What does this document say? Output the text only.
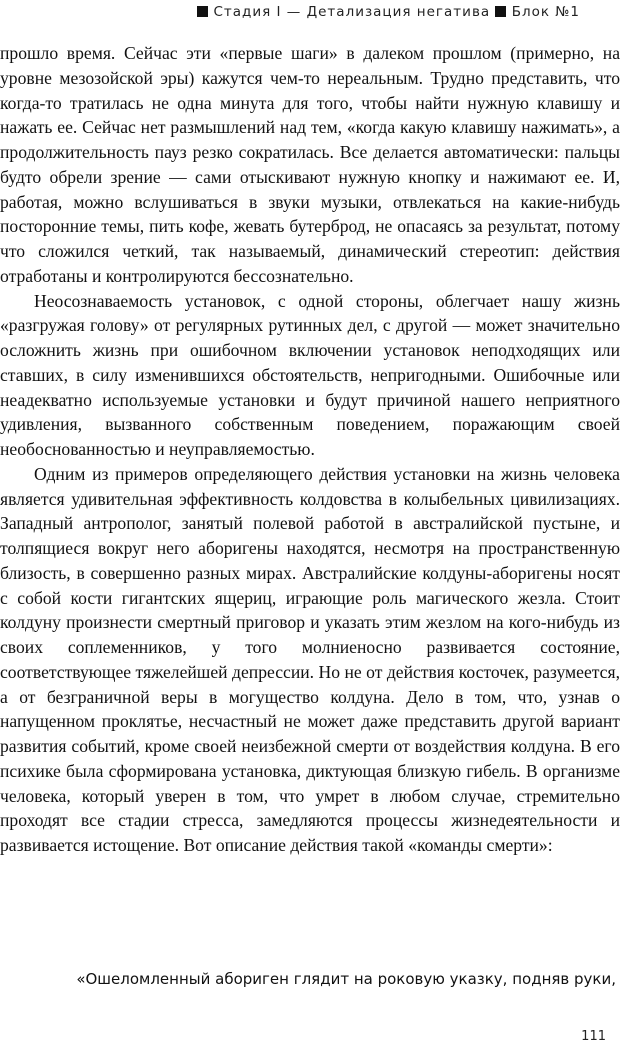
Стадия I — Детализация негатива Блок №1

прошло время. Сейчас эти «первые шаги» в далеком прошлом (примерно, на уровне мезозойской эры) кажутся чем-то нереальным. Трудно представить, что когда-то тратилась не одна минута для того, чтобы найти нужную клавишу и нажать ее. Сейчас нет размышлений над тем, «когда какую клавишу нажимать», а продолжительность пауз резко сократилась. Все делается автоматически: пальцы будто обрели зрение — сами отыскивают нужную кнопку и нажимают ее. И, работая, можно вслушиваться в звуки музыки, отвлекаться на какие-нибудь посторонние темы, пить кофе, жевать бутерброд, не опасаясь за результат, потому что сложился четкий, так называемый, динамический стереотип: действия отработаны и контролируются бессознательно.

Неосознаваемость установок, с одной стороны, облегчает нашу жизнь «разгружая голову» от регулярных рутинных дел, с другой — может значительно осложнить жизнь при ошибочном включении установок неподходящих или ставших, в силу изменившихся обстоятельств, непригодными. Ошибочные или неадекватно используемые установки и будут причиной нашего неприятного удивления, вызванного собственным поведением, поражающим своей необоснованностью и неуправляемостью.

Одним из примеров определяющего действия установки на жизнь человека является удивительная эффективность колдовства в колыбельных цивилизациях. Западный антрополог, занятый полевой работой в австралийской пустыне, и толпящиеся вокруг него аборигены находятся, несмотря на пространственную близость, в совершенно разных мирах. Австралийские колдуны-аборигены носят с собой кости гигантских ящериц, играющие роль магического жезла. Стоит колдуну произнести смертный приговор и указать этим жезлом на кого-нибудь из своих соплеменников, у того молниеносно развивается состояние, соответствующее тяжелейшей депрессии. Но не от действия косточек, разумеется, а от безграничной веры в могущество колдуна. Дело в том, что, узнав о напущенном проклятье, несчастный не может даже представить другой вариант развития событий, кроме своей неизбежной смерти от воздействия колдуна. В его психике была сформирована установка, диктующая близкую гибель. В организме человека, который уверен в том, что умрет в любом случае, стремительно проходят все стадии стресса, замедляются процессы жизнедеятельности и развивается истощение. Вот описание действия такой «команды смерти»:

«Ошеломленный абориген глядит на роковую указку, подняв руки,
111
